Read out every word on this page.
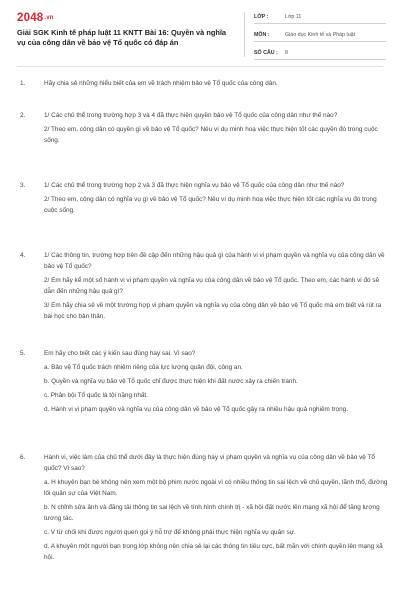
2048.vn
Giải SGK Kinh tế pháp luật 11 KNTT Bài 16: Quyền và nghĩa vụ của công dân về bảo vệ Tổ quốc có đáp án
LỚP :	Lớp 11
MÔN :	Giáo dục Kinh tế và Pháp luật
SỐ CÂU : 8
1.	Hãy chia sẻ những hiểu biết của em về trách nhiệm bảo vệ Tổ quốc của công dân.

2.	1/ Các chủ thể trong trường hợp 3 và 4 đã thực hiện quyền bảo vệ Tổ quốc của công dân như thế nào?

2/ Theo em, công dân có quyền gì về bảo vệ Tổ quốc? Nêu ví dụ minh hoạ việc thực hiện tốt các quyền đó trong cuộc sống.

3.	1/ Các chủ thể trong trường hợp 2 và 3 đã thực hiện nghĩa vụ bảo vệ Tổ quốc của công dân như thế nào?

2/ Theo em, công dân có nghĩa vụ gì về bảo vệ Tổ quốc? Nêu ví dụ minh hoạ việc thực hiện tốt các nghĩa vụ đó trong cuộc sống.

4.	1/ Các thông tin, trường hợp trên đề cập đến những hậu quả gì của hành vi vi phạm quyền và nghĩa vụ của công dân về bảo vệ Tổ quốc?

2/ Em hãy kể một số hành vi vi phạm quyền và nghĩa vụ của công dân về bảo vệ Tổ quốc. Theo em, các hành vi đó sẽ dẫn đến những hậu quả gì?

3/ Em hãy chia sẻ về một trường hợp vi phạm quyền và nghĩa vụ của công dân về bảo vệ Tổ quốc mà em biết và rút ra bài học cho bản thân.

5.	Em hãy cho biết các ý kiến sau đúng hay sai. Vì sao?

a. Bảo vệ Tổ quốc trách nhiệm riêng của lực lượng quân đội, công an.

b. Quyền và nghĩa vụ bảo vệ Tổ quốc chỉ được thực hiện khi đất nước xảy ra chiến tranh.

c. Phản bội Tổ quốc là tội nặng nhất.

d. Hành vi vi phạm quyền và nghĩa vụ của công dân về bảo vệ Tổ quốc gây ra nhiều hậu quả nghiêm trọng.

6.	Hành vi, việc làm của chủ thể dưới đây là thực hiện đúng hay vi phạm quyền và nghĩa vụ của công dân về bảo vệ Tổ quốc? Vì sao?

a. H khuyên bạn bè không nên xem một bộ phim nước ngoài vì có nhiều thông tin sai lệch về chủ quyền, lãnh thổ, đường lối quân sự của Việt Nam.

b. N chỉnh sửa ảnh và đăng tải thông tin sai lệch về tình hình chính trị - xã hội đất nước lên mạng xã hội để tăng lượng tương tác.

c. V từ chối khi được người quen gọi ý hỗ trợ để không phải thực hiện nghĩa vụ quân sự.

d. A khuyên một người bạn trong lớp không nên chia sẻ lại các thông tin tiêu cực, bất mãn với chính quyền lên mạng xã hội.
